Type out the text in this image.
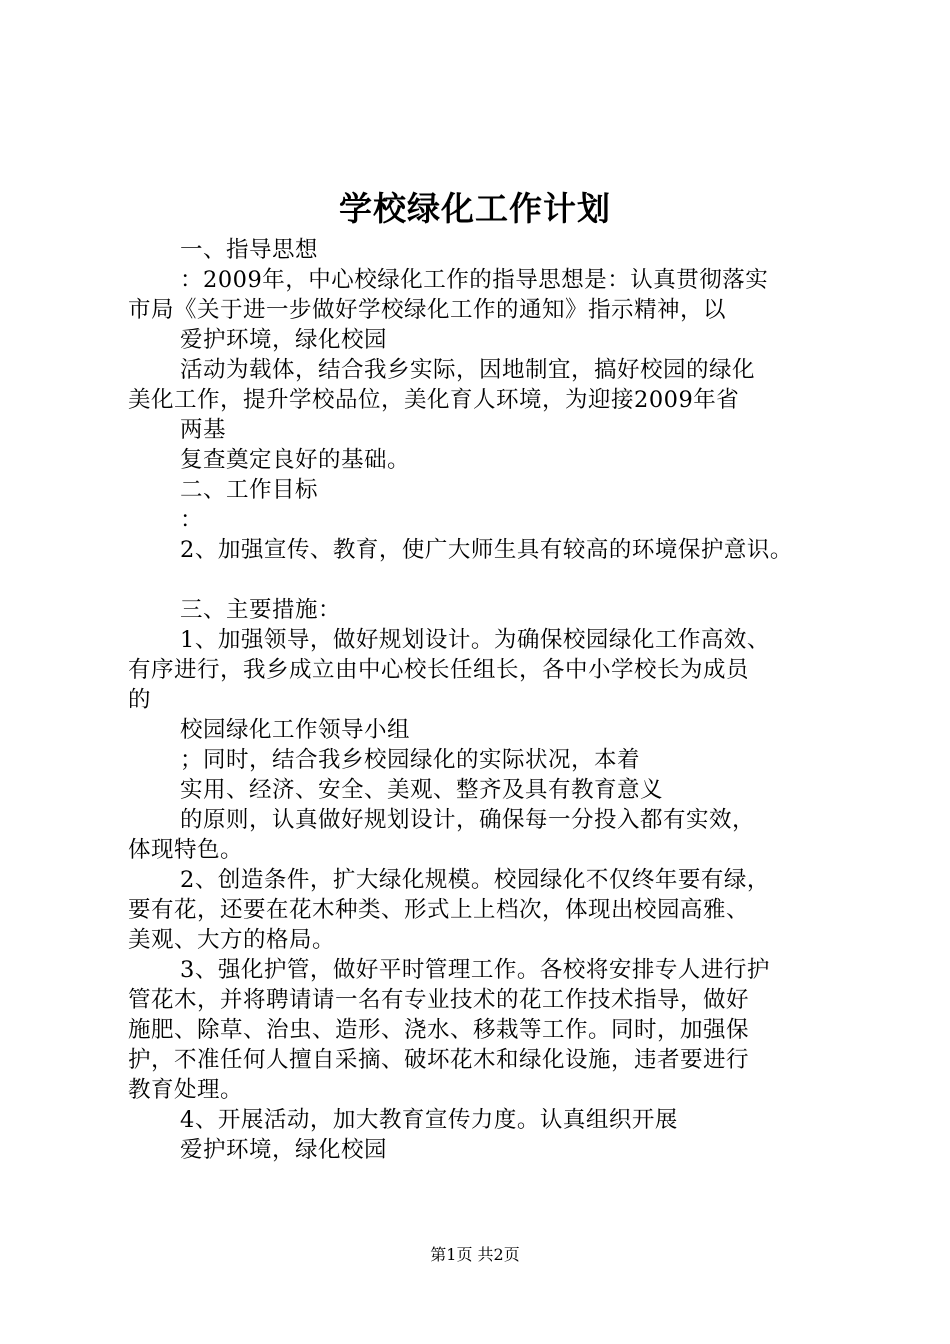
学校绿化工作计划
一、指导思想
：2009年，中心校绿化工作的指导思想是：认真贯彻落实
市局《关于进一步做好学校绿化工作的通知》指示精神，以
爱护环境，绿化校园
活动为载体，结合我乡实际，因地制宜，搞好校园的绿化
美化工作，提升学校品位，美化育人环境，为迎接2009年省
两基
复查奠定良好的基础。
二、工作目标
：
2、加强宣传、教育，使广大师生具有较高的环境保护意识。
三、主要措施：
1、加强领导，做好规划设计。为确保校园绿化工作高效、
有序进行，我乡成立由中心校长任组长，各中小学校长为成员
的
校园绿化工作领导小组
；同时，结合我乡校园绿化的实际状况，本着
实用、经济、安全、美观、整齐及具有教育意义
的原则，认真做好规划设计，确保每一分投入都有实效，
体现特色。
2、创造条件，扩大绿化规模。校园绿化不仅终年要有绿，
要有花，还要在花木种类、形式上上档次，体现出校园高雅、
美观、大方的格局。
3、强化护管，做好平时管理工作。各校将安排专人进行护
管花木，并将聘请请一名有专业技术的花工作技术指导，做好
施肥、除草、治虫、造形、浇水、移栽等工作。同时，加强保
护，不准任何人擅自采摘、破坏花木和绿化设施，违者要进行
教育处理。
4、开展活动，加大教育宣传力度。认真组织开展
爱护环境，绿化校园
第1页 共2页
